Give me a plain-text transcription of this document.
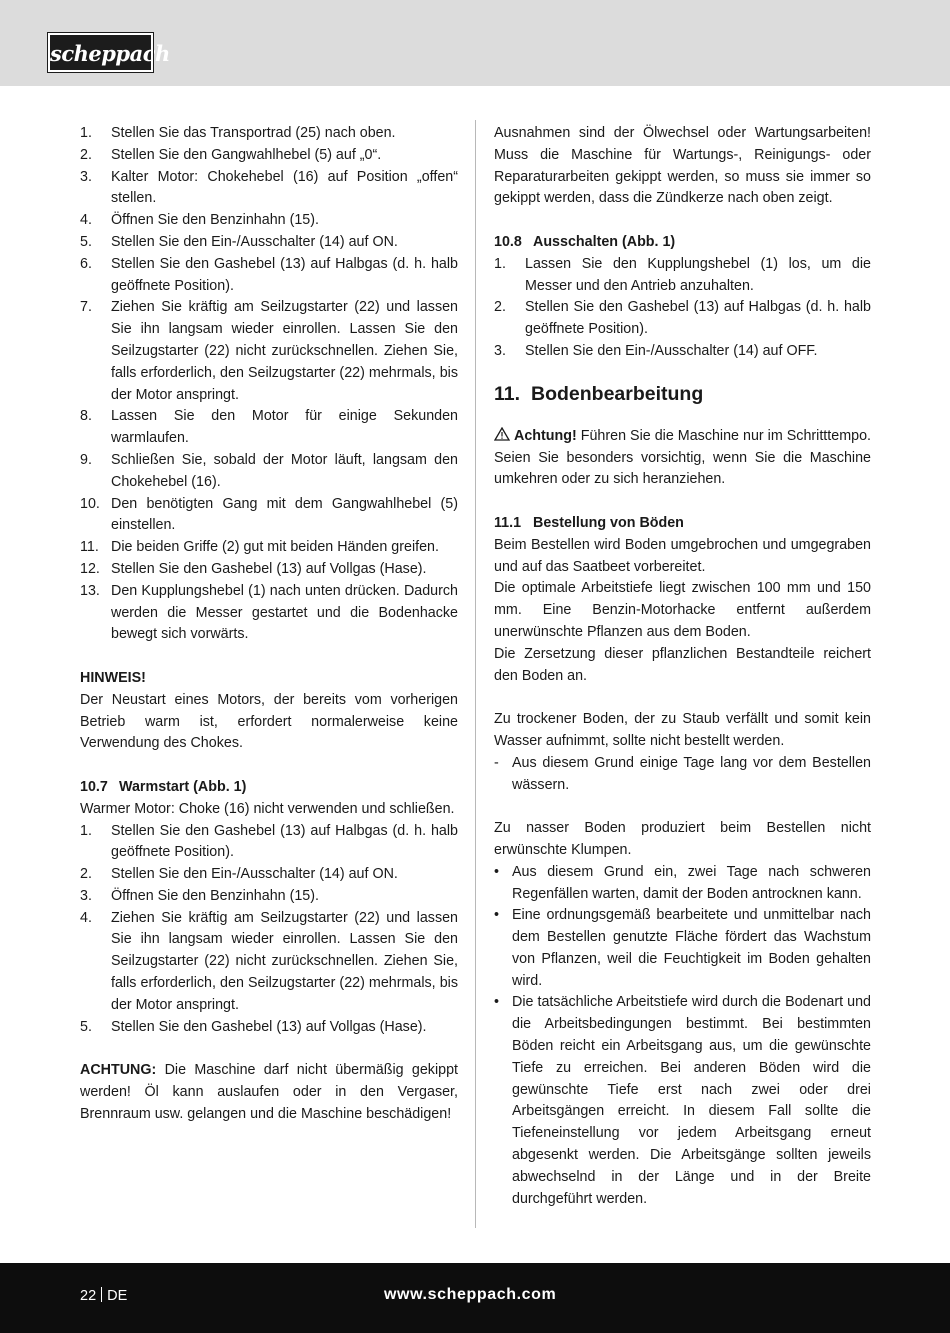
scheppach
1. Stellen Sie das Transportrad (25) nach oben.
2. Stellen Sie den Gangwahlhebel (5) auf „0“.
3. Kalter Motor: Chokehebel (16) auf Position „offen“ stellen.
4. Öffnen Sie den Benzinhahn (15).
5. Stellen Sie den Ein-/Ausschalter (14) auf ON.
6. Stellen Sie den Gashebel (13) auf Halbgas (d. h. halb geöffnete Position).
7. Ziehen Sie kräftig am Seilzugstarter (22) und lassen Sie ihn langsam wieder einrollen. Lassen Sie den Seilzugstarter (22) nicht zurückschnellen. Ziehen Sie, falls erforderlich, den Seilzugstarter (22) mehrmals, bis der Motor anspringt.
8. Lassen Sie den Motor für einige Sekunden warmlaufen.
9. Schließen Sie, sobald der Motor läuft, langsam den Chokehebel (16).
10. Den benötigten Gang mit dem Gangwahlhebel (5) einstellen.
11. Die beiden Griffe (2) gut mit beiden Händen greifen.
12. Stellen Sie den Gashebel (13) auf Vollgas (Hase).
13. Den Kupplungshebel (1) nach unten drücken. Dadurch werden die Messer gestartet und die Bodenhacke bewegt sich vorwärts.

HINWEIS!

Der Neustart eines Motors, der bereits vom vorherigen Betrieb warm ist, erfordert normalerweise keine Verwendung des Chokes.

10.7 Warmstart (Abb. 1)

Warmer Motor: Choke (16) nicht verwenden und schließen.

1. Stellen Sie den Gashebel (13) auf Halbgas (d. h. halb geöffnete Position).
2. Stellen Sie den Ein-/Ausschalter (14) auf ON.
3. Öffnen Sie den Benzinhahn (15).
4. Ziehen Sie kräftig am Seilzugstarter (22) und lassen Sie ihn langsam wieder einrollen. Lassen Sie den Seilzugstarter (22) nicht zurückschnellen. Ziehen Sie, falls erforderlich, den Seilzugstarter (22) mehrmals, bis der Motor anspringt.
5. Stellen Sie den Gashebel (13) auf Vollgas (Hase).

ACHTUNG: Die Maschine darf nicht übermäßig gekippt werden! Öl kann auslaufen oder in den Vergaser, Brennraum usw. gelangen und die Maschine beschädigen!

Ausnahmen sind der Ölwechsel oder Wartungsarbeiten! Muss die Maschine für Wartungs-, Reinigungs- oder Reparaturarbeiten gekippt werden, so muss sie immer so gekippt werden, dass die Zündkerze nach oben zeigt.

10.8 Ausschalten (Abb. 1)

1. Lassen Sie den Kupplungshebel (1) los, um die Messer und den Antrieb anzuhalten.
2. Stellen Sie den Gashebel (13) auf Halbgas (d. h. halb geöffnete Position).
3. Stellen Sie den Ein-/Ausschalter (14) auf OFF.
11. Bodenbearbeitung

Achtung! Führen Sie die Maschine nur im Schritttempo. Seien Sie besonders vorsichtig, wenn Sie die Maschine umkehren oder zu sich heranziehen.

11.1 Bestellung von Böden

Beim Bestellen wird Boden umgebrochen und umgegraben und auf das Saatbeet vorbereitet.

Die optimale Arbeitstiefe liegt zwischen 100 mm und 150 mm. Eine Benzin-Motorhacke entfernt außerdem unerwünschte Pflanzen aus dem Boden.

Die Zersetzung dieser pflanzlichen Bestandteile reichert den Boden an.

Zu trockener Boden, der zu Staub verfällt und somit kein Wasser aufnimmt, sollte nicht bestellt werden.

- Aus diesem Grund einige Tage lang vor dem Bestellen wässern.

Zu nasser Boden produziert beim Bestellen nicht erwünschte Klumpen.

• Aus diesem Grund ein, zwei Tage nach schweren Regenfällen warten, damit der Boden antrocknen kann.
• Eine ordnungsgemäß bearbeitete und unmittelbar nach dem Bestellen genutzte Fläche fördert das Wachstum von Pflanzen, weil die Feuchtigkeit im Boden gehalten wird.
• Die tatsächliche Arbeitstiefe wird durch die Bodenart und die Arbeitsbedingungen bestimmt. Bei bestimmten Böden reicht ein Arbeitsgang aus, um die gewünschte Tiefe zu erreichen. Bei anderen Böden wird die gewünschte Tiefe erst nach zwei oder drei Arbeitsgängen erreicht. In diesem Fall sollte die Tiefeneinstellung vor jedem Arbeitsgang erneut abgesenkt werden. Die Arbeitsgänge sollten jeweils abwechselnd in der Länge und in der Breite durchgeführt werden.
22 DE	www.scheppach.com
